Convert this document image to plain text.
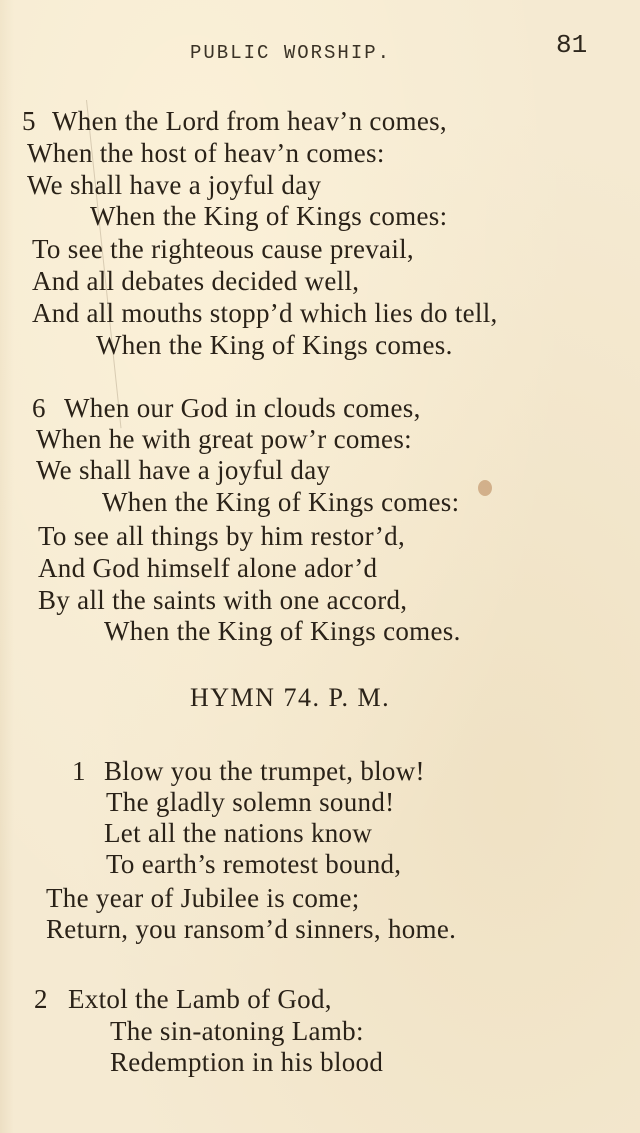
PUBLIC WORSHIP.	81
5 When the Lord from heav’n comes,
When the host of heav’n comes:
We shall have a joyful day
When the King of Kings comes:
To see the righteous cause prevail,
And all debates decided well,
And all mouths stopp’d which lies do tell,
When the King of Kings comes.
6 When our God in clouds comes,
When he with great pow’r comes:
We shall have a joyful day
When the King of Kings comes:
To see all things by him restor’d,
And God himself alone ador’d
By all the saints with one accord,
When the King of Kings comes.
HYMN 74. P. M.
1 Blow you the trumpet, blow!
The gladly solemn sound!
Let all the nations know
To earth’s remotest bound,
The year of Jubilee is come;
Return, you ransom’d sinners, home.
2 Extol the Lamb of God,
The sin-atoning Lamb:
Redemption in his blood
